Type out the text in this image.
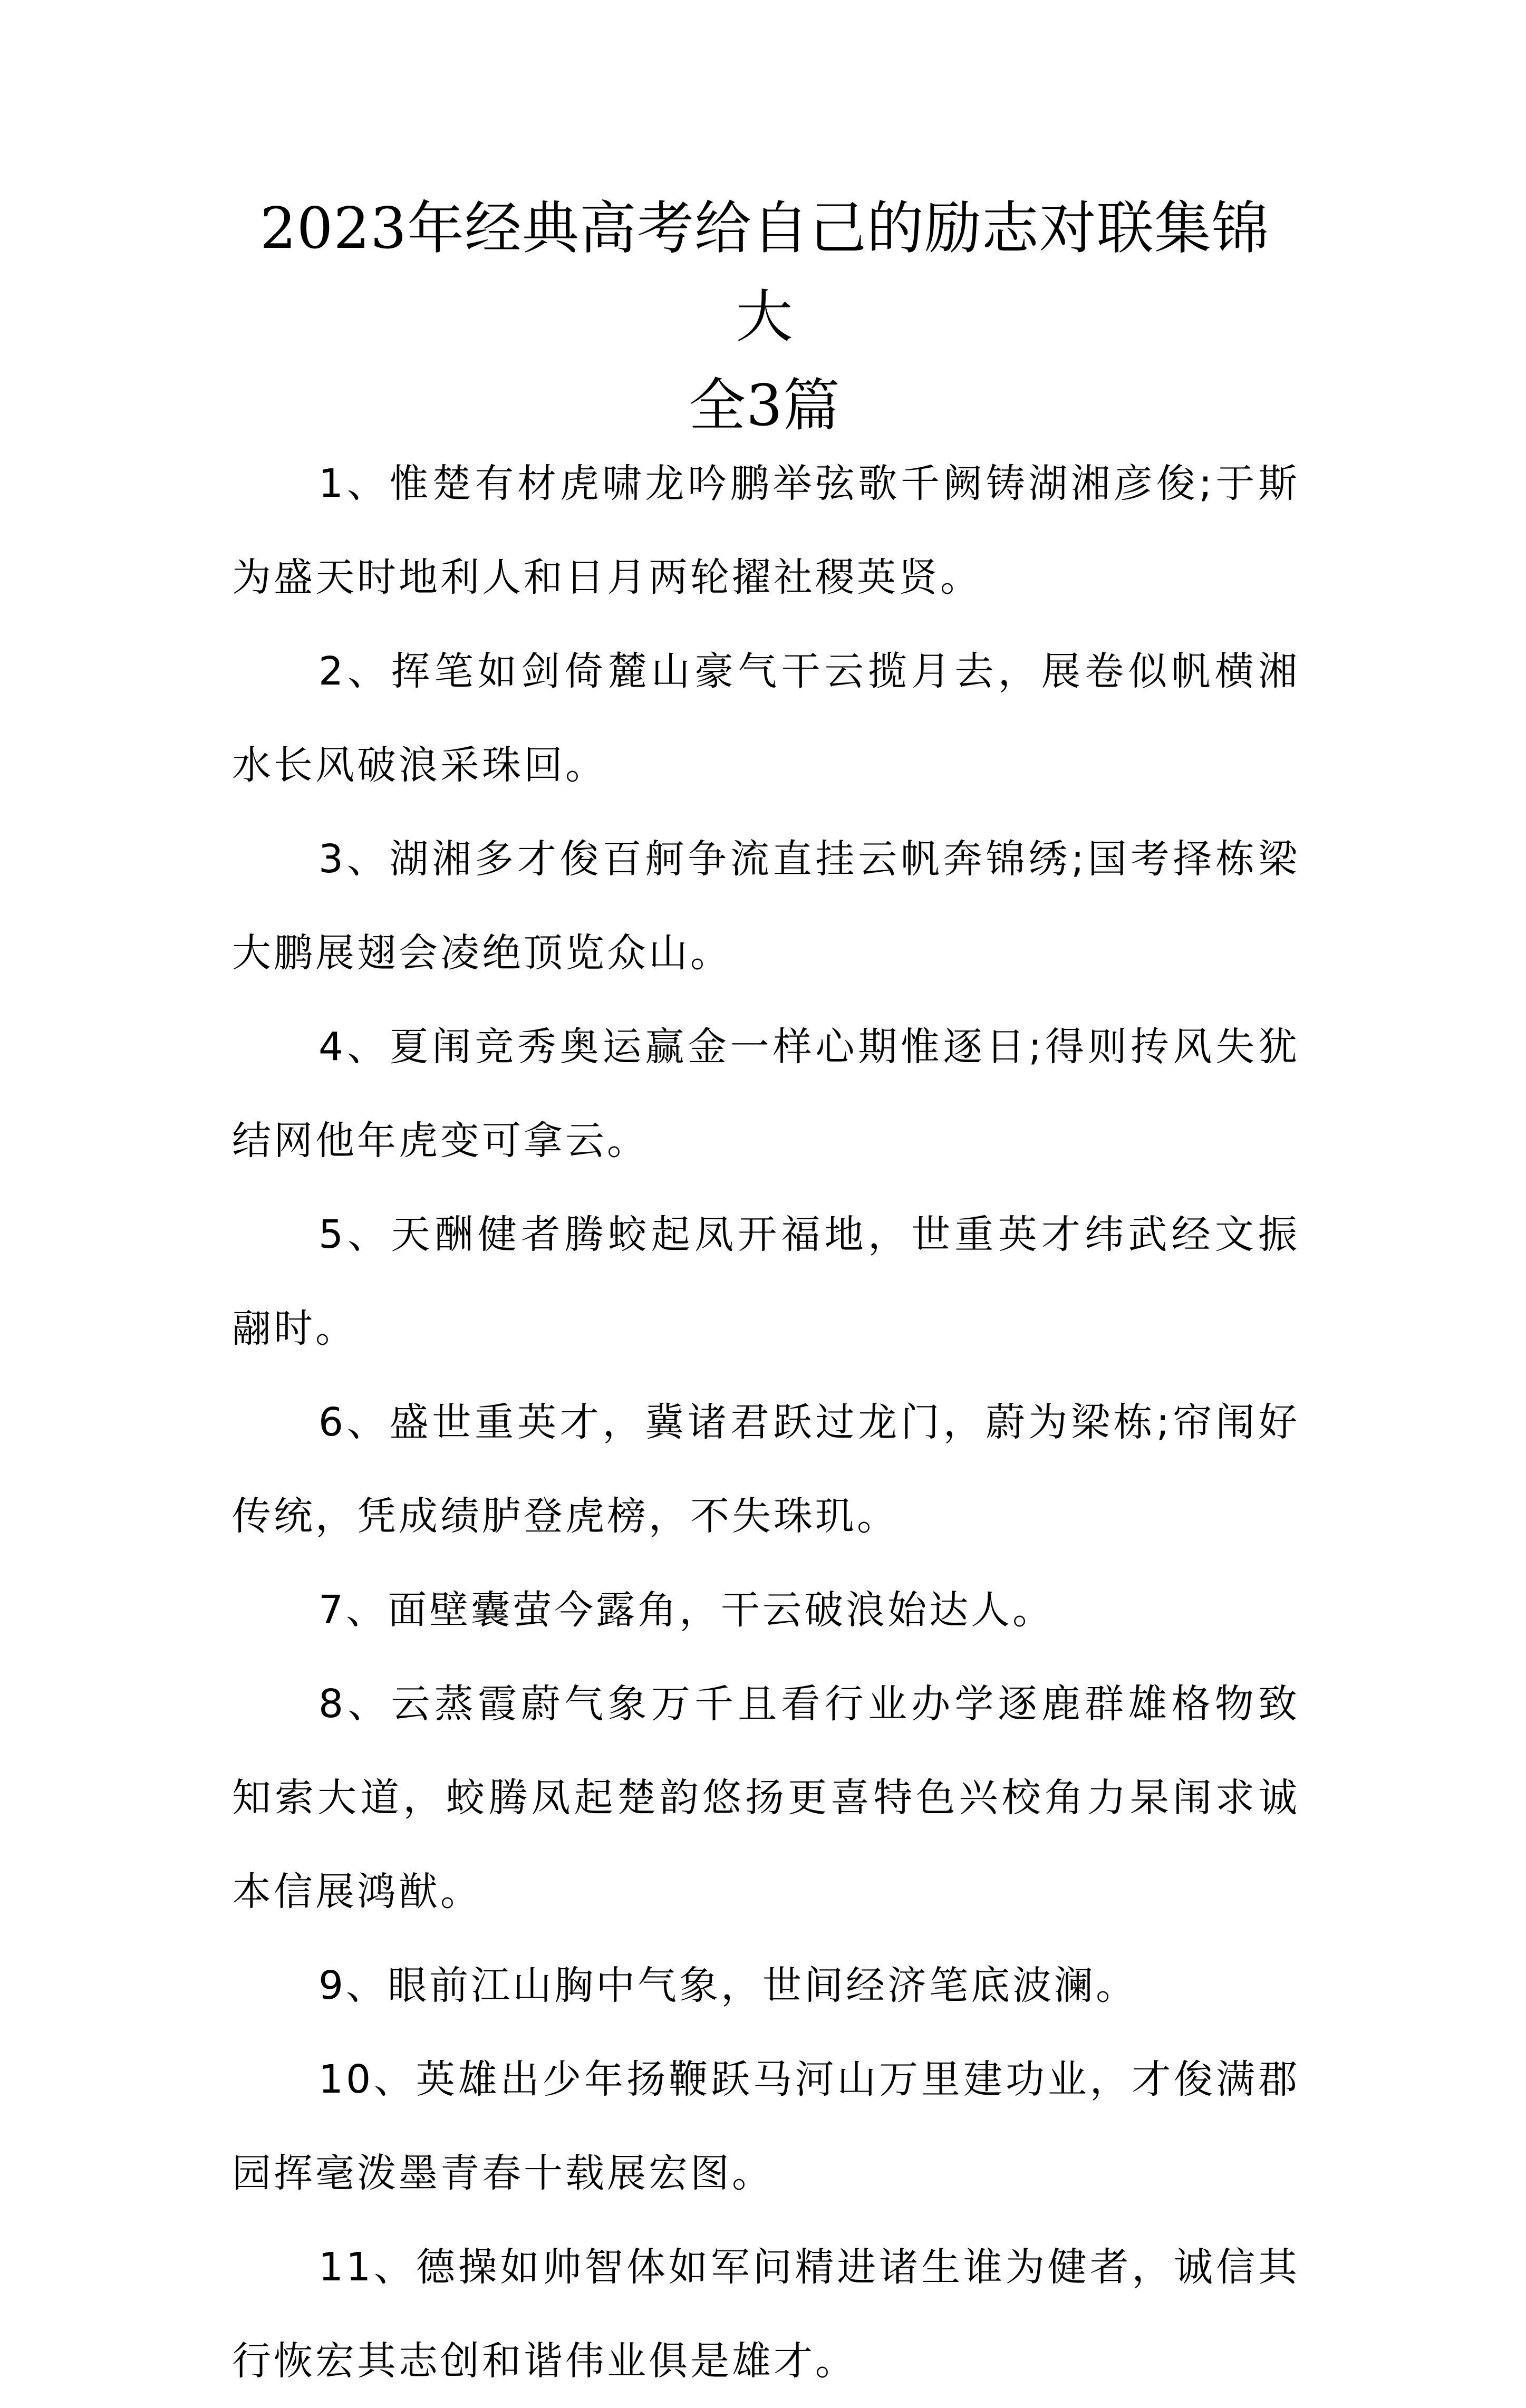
2023年经典高考给自己的励志对联集锦大
全3篇

1、惟楚有材虎啸龙吟鹏举弦歌千阙铸湖湘彦俊;于斯为盛天时地利人和日月两轮擢社稷英贤。

2、挥笔如剑倚麓山豪气干云揽月去，展卷似帆横湘水长风破浪采珠回。

3、湖湘多才俊百舸争流直挂云帆奔锦绣;国考择栋梁大鹏展翅会凌绝顶览众山。

4、夏闱竞秀奥运赢金一样心期惟逐日;得则抟风失犹结网他年虎变可拿云。

5、天酬健者腾蛟起凤开福地，世重英才纬武经文振翮时。

6、盛世重英才，冀诸君跃过龙门，蔚为梁栋;帘闱好传统，凭成绩胪登虎榜，不失珠玑。

7、面壁囊萤今露角，干云破浪始达人。

8、云蒸霞蔚气象万千且看行业办学逐鹿群雄格物致知索大道，蛟腾凤起楚韵悠扬更喜特色兴校角力杲闱求诚本信展鸿猷。

9、眼前江山胸中气象，世间经济笔底波澜。

10、英雄出少年扬鞭跃马河山万里建功业，才俊满郡园挥毫泼墨青春十载展宏图。

11、德操如帅智体如军问精进诸生谁为健者，诚信其行恢宏其志创和谐伟业俱是雄才。
